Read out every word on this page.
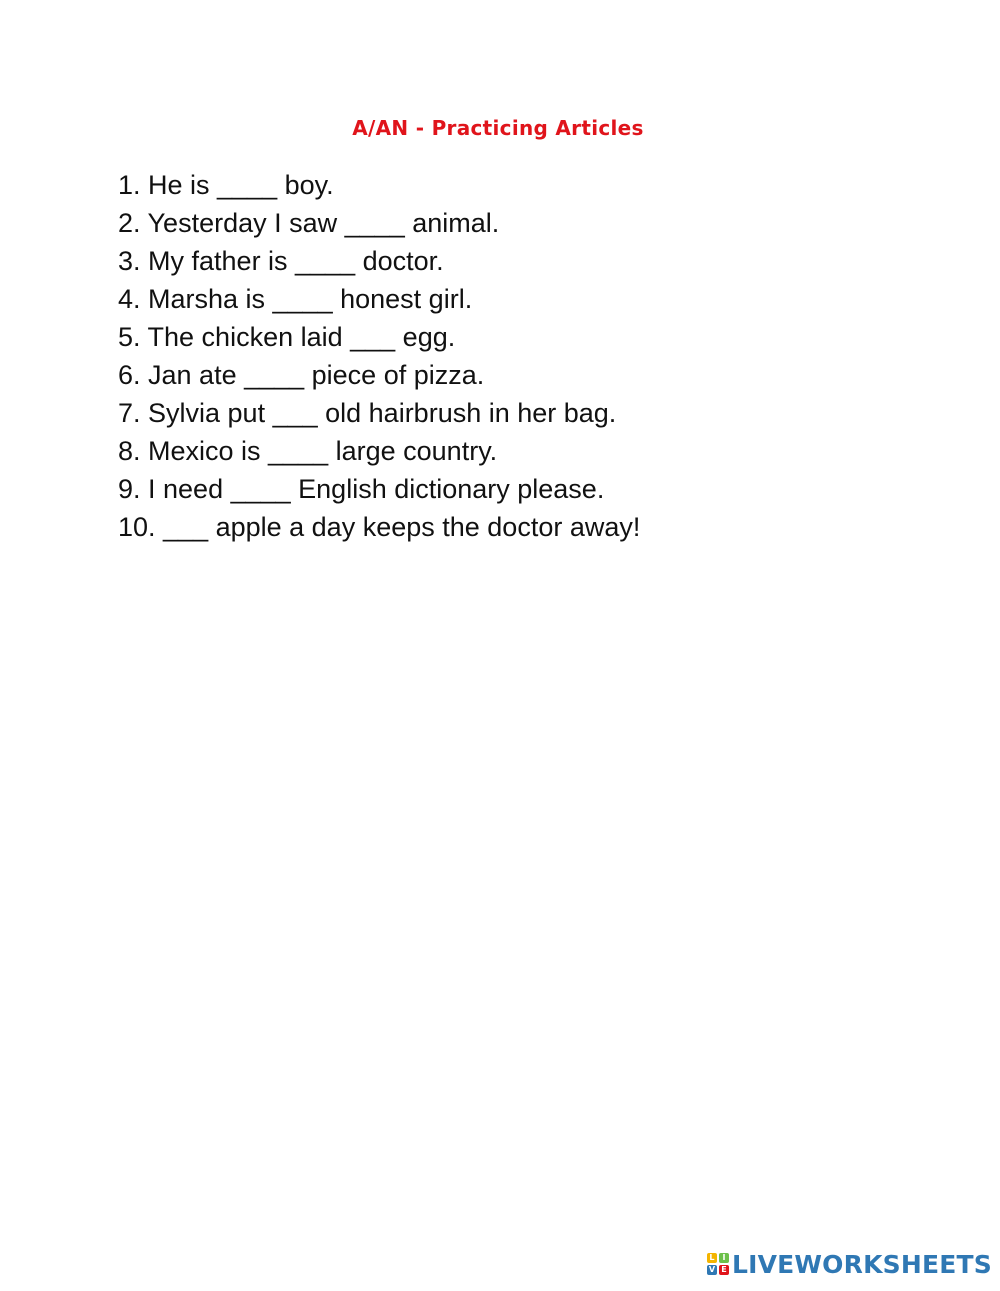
A/AN - Practicing Articles
1. He is ____ boy.
2. Yesterday I saw ____ animal.
3. My father is ____ doctor.
4. Marsha is ____ honest girl.
5. The chicken laid ___ egg.
6. Jan ate ____ piece of pizza.
7. Sylvia put ___ old hairbrush in her bag.
8. Mexico is ____ large country.
9. I need ____ English dictionary please.
10. ___ apple a day keeps the doctor away!
L I
V E LIVEWORKSHEETS
